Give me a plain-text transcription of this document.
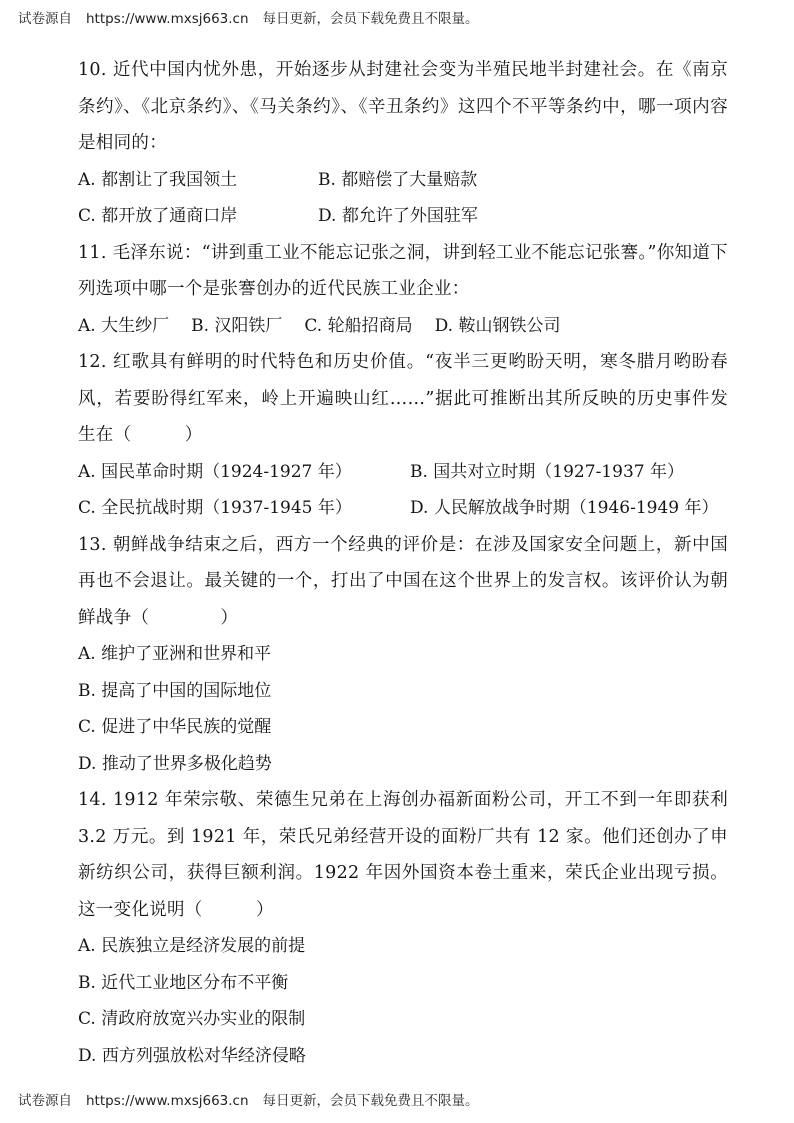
试卷源自 https://www.mxsj663.cn 每日更新，会员下载免费且不限量。

10. 近代中国内忧外患，开始逐步从封建社会变为半殖民地半封建社会。在《南京条约》、《北京条约》、《马关条约》、《辛丑条约》这四个不平等条约中，哪一项内容是相同的：

A. 都割让了我国领土	B. 都赔偿了大量赔款
C. 都开放了通商口岸	D. 都允许了外国驻军

11. 毛泽东说：“讲到重工业不能忘记张之洞，讲到轻工业不能忘记张謇。”你知道下列选项中哪一个是张謇创办的近代民族工业企业：

A. 大生纱厂 B. 汉阳铁厂 C. 轮船招商局 D. 鞍山钢铁公司

12. 红歌具有鲜明的时代特色和历史价值。“夜半三更哟盼天明，寒冬腊月哟盼春风，若要盼得红军来，岭上开遍映山红……”据此可推断出其所反映的历史事件发生在（　　　）

A. 国民革命时期（1924-1927 年）	B. 国共对立时期（1927-1937 年）
C. 全民抗战时期（1937-1945 年）	D. 人民解放战争时期（1946-1949 年）

13. 朝鲜战争结束之后，西方一个经典的评价是：在涉及国家安全问题上，新中国再也不会退让。最关键的一个，打出了中国在这个世界上的发言权。该评价认为朝鲜战争（　　　　）

A. 维护了亚洲和世界和平
B. 提高了中国的国际地位
C. 促进了中华民族的觉醒
D. 推动了世界多极化趋势

14. 1912 年荣宗敬、荣德生兄弟在上海创办福新面粉公司，开工不到一年即获利 3.2 万元。到 1921 年，荣氏兄弟经营开设的面粉厂共有 12 家。他们还创办了申新纺织公司，获得巨额利润。1922 年因外国资本卷土重来，荣氏企业出现亏损。这一变化说明（　　　）

A. 民族独立是经济发展的前提
B. 近代工业地区分布不平衡
C. 清政府放宽兴办实业的限制
D. 西方列强放松对华经济侵略
试卷源自 https://www.mxsj663.cn 每日更新，会员下载免费且不限量。
